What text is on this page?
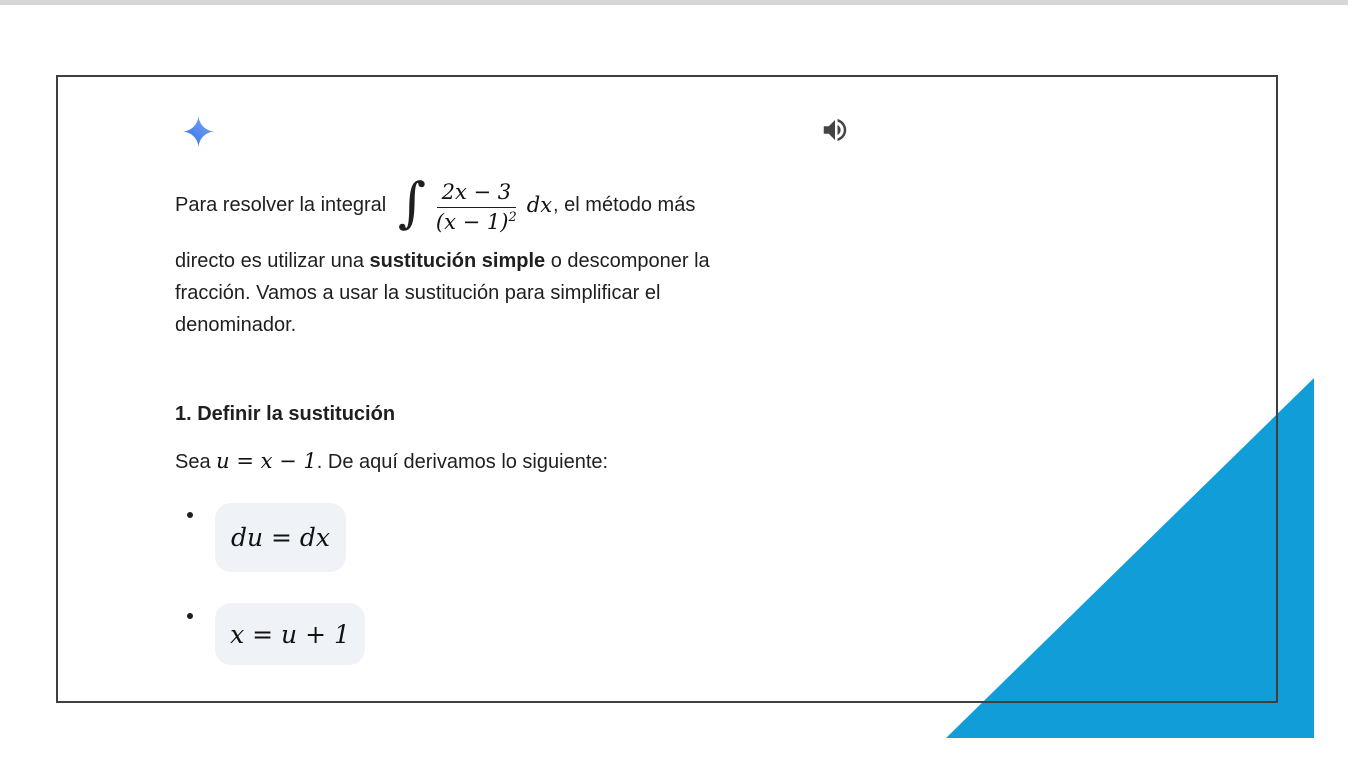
Para resolver la integral ∫ $\frac{2x - 3}{(x - 1)^2}$ dx , el método más
directo es utilizar una sustitución simple o descomponer la
fracción. Vamos a usar la sustitución para simplificar el
denominador.
1. Definir la sustitución
Sea u = x − 1. De aquí derivamos lo siguiente:
du = dx
x = u + 1
